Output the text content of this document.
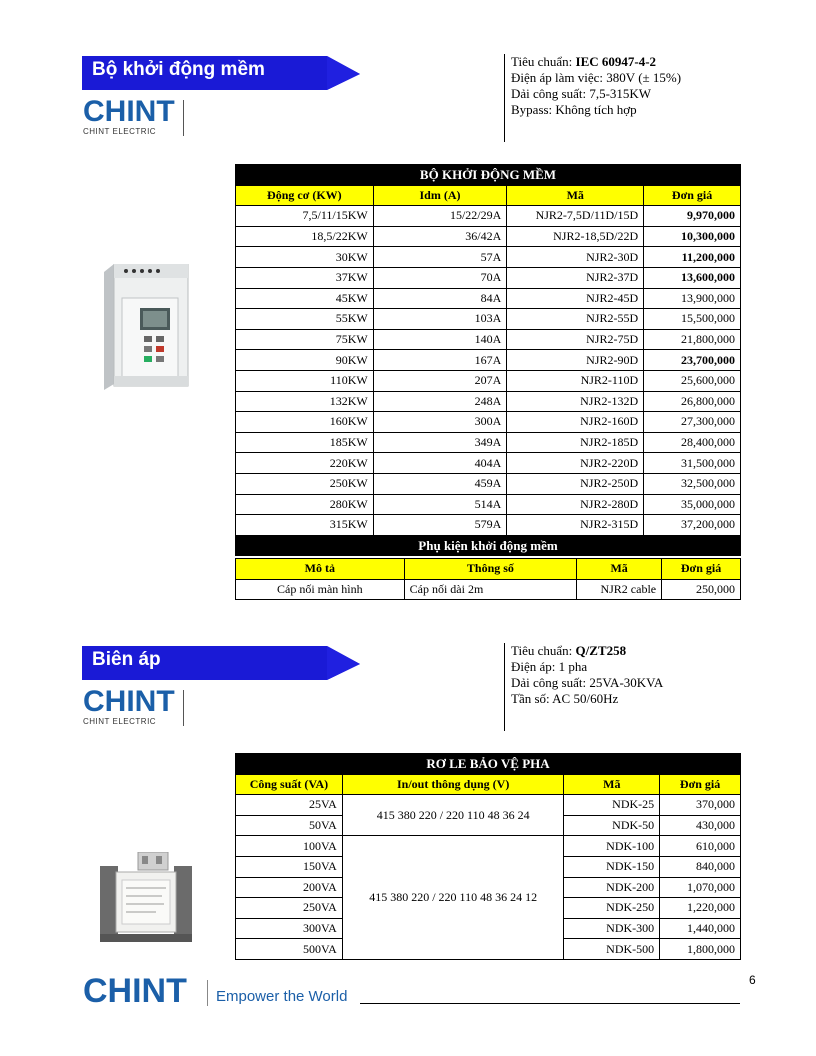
Bộ khởi động mềm
CHINT
CHINT ELECTRIC
Tiêu chuẩn: IEC 60947-4-2
Điện áp làm việc: 380V (± 15%)
Dải công suất: 7,5-315KW
Bypass: Không tích hợp
BỘ KHỞI ĐỘNG MỀM			
Động cơ (KW)	Idm (A)	Mã	Đơn giá
7,5/11/15KW	15/22/29A	NJR2-7,5D/11D/15D	9,970,000
18,5/22KW	36/42A	NJR2-18,5D/22D	10,300,000
30KW	57A	NJR2-30D	11,200,000
37KW	70A	NJR2-37D	13,600,000
45KW	84A	NJR2-45D	13,900,000
55KW	103A	NJR2-55D	15,500,000
75KW	140A	NJR2-75D	21,800,000
90KW	167A	NJR2-90D	23,700,000
110KW	207A	NJR2-110D	25,600,000
132KW	248A	NJR2-132D	26,800,000
160KW	300A	NJR2-160D	27,300,000
185KW	349A	NJR2-185D	28,400,000
220KW	404A	NJR2-220D	31,500,000
250KW	459A	NJR2-250D	32,500,000
280KW	514A	NJR2-280D	35,000,000
315KW	579A	NJR2-315D	37,200,000
Phụ kiện khởi động mềm			
Mô tả	Thông số	Mã	Đơn giá
Cáp nối màn hình	Cáp nối dài 2m	NJR2 cable	250,000
Biên áp
CHINT
CHINT ELECTRIC
Tiêu chuẩn: Q/ZT258
Điện áp: 1 pha
Dải công suất: 25VA-30KVA
Tần số: AC 50/60Hz
RƠ LE BẢO VỆ PHA			
Công suất (VA)	In/out thông dụng (V)	Mã	Đơn giá
25VA	415 380 220 / 220 110 48 36 24	NDK-25	370,000
50VA		NDK-50	430,000
100VA	415 380 220 / 220 110 48 36 24 12	NDK-100	610,000
150VA		NDK-150	840,000
200VA		NDK-200	1,070,000
250VA		NDK-250	1,220,000
300VA		NDK-300	1,440,000
500VA		NDK-500	1,800,000
CHINT Empower the World
6
